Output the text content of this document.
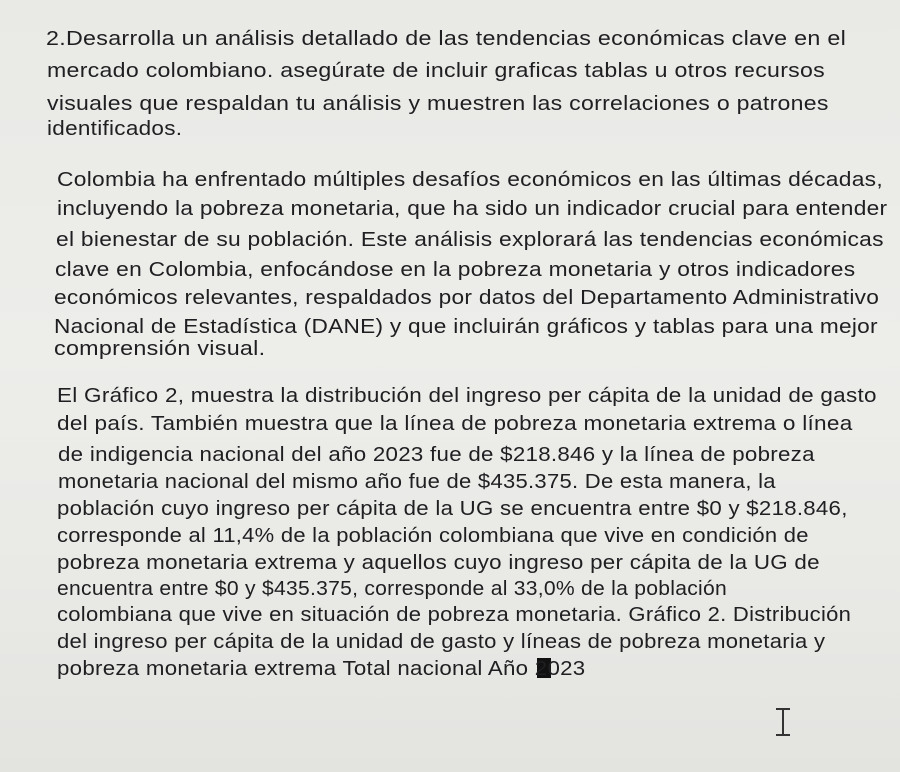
2.Desarrolla un análisis detallado de las tendencias económicas clave en el
mercado colombiano. asegúrate de incluir graficas tablas u otros recursos
visuales que respaldan tu análisis y muestren las correlaciones o patrones
identificados.
Colombia ha enfrentado múltiples desafíos económicos en las últimas décadas,
incluyendo la pobreza monetaria, que ha sido un indicador crucial para entender
el bienestar de su población. Este análisis explorará las tendencias económicas
clave en Colombia, enfocándose en la pobreza monetaria y otros indicadores
económicos relevantes, respaldados por datos del Departamento Administrativo
Nacional de Estadística (DANE) y que incluirán gráficos y tablas para una mejor
comprensión visual.
El Gráfico 2, muestra la distribución del ingreso per cápita de la unidad de gasto
del país. También muestra que la línea de pobreza monetaria extrema o línea
de indigencia nacional del año 2023 fue de $218.846 y la línea de pobreza
monetaria nacional del mismo año fue de $435.375. De esta manera, la
población cuyo ingreso per cápita de la UG se encuentra entre $0 y $218.846,
corresponde al 11,4% de la población colombiana que vive en condición de
pobreza monetaria extrema y aquellos cuyo ingreso per cápita de la UG de
encuentra entre $0 y $435.375, corresponde al 33,0% de la población
colombiana que vive en situación de pobreza monetaria. Gráfico 2. Distribución
del ingreso per cápita de la unidad de gasto y líneas de pobreza monetaria y
pobreza monetaria extrema Total nacional Año 2023
